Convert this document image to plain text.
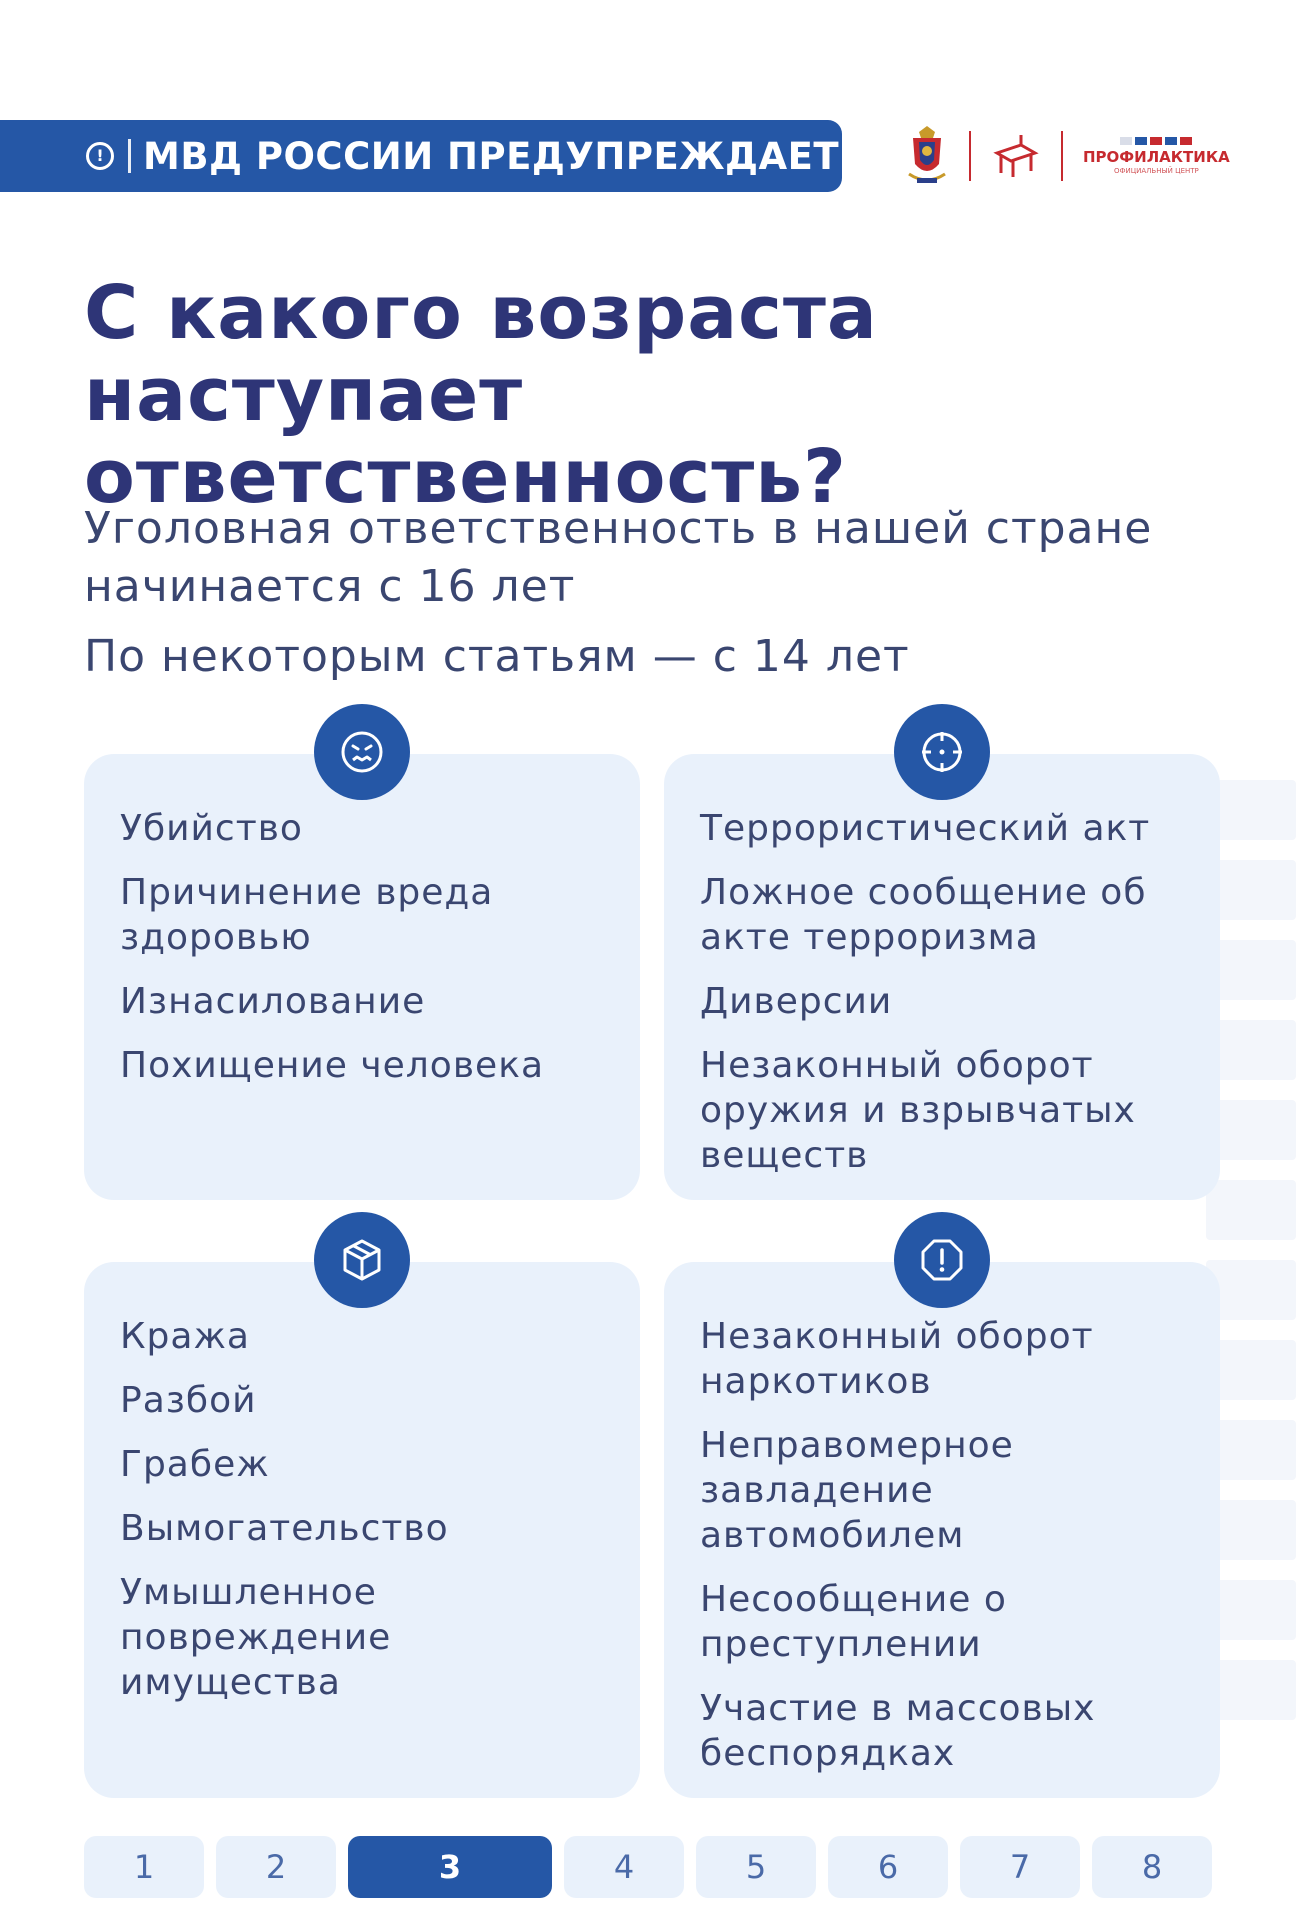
! МВД РОССИИ ПРЕДУПРЕЖДАЕТ	ПРОФИЛАКТИКА
ОФИЦИАЛЬНЫЙ ЦЕНТР
С какого возраста
наступает ответственность?

Уголовная ответственность в нашей стране начинается с 16 лет

По некоторым статьям — с 14 лет

Убийство
Причинение вреда здоровью
Изнасилование
Похищение человека
Террористический акт
Ложное сообщение об акте терроризма
Диверсии
Незаконный оборот оружия и взрывчатых веществ
Кража
Разбой
Грабеж
Вымогательство
Умышленное повреждение имущества
Незаконный оборот наркотиков
Неправомерное завладение автомобилем
Несообщение о преступлении
Участие в массовых беспорядках
1	2	3	4	5	6	7	8
